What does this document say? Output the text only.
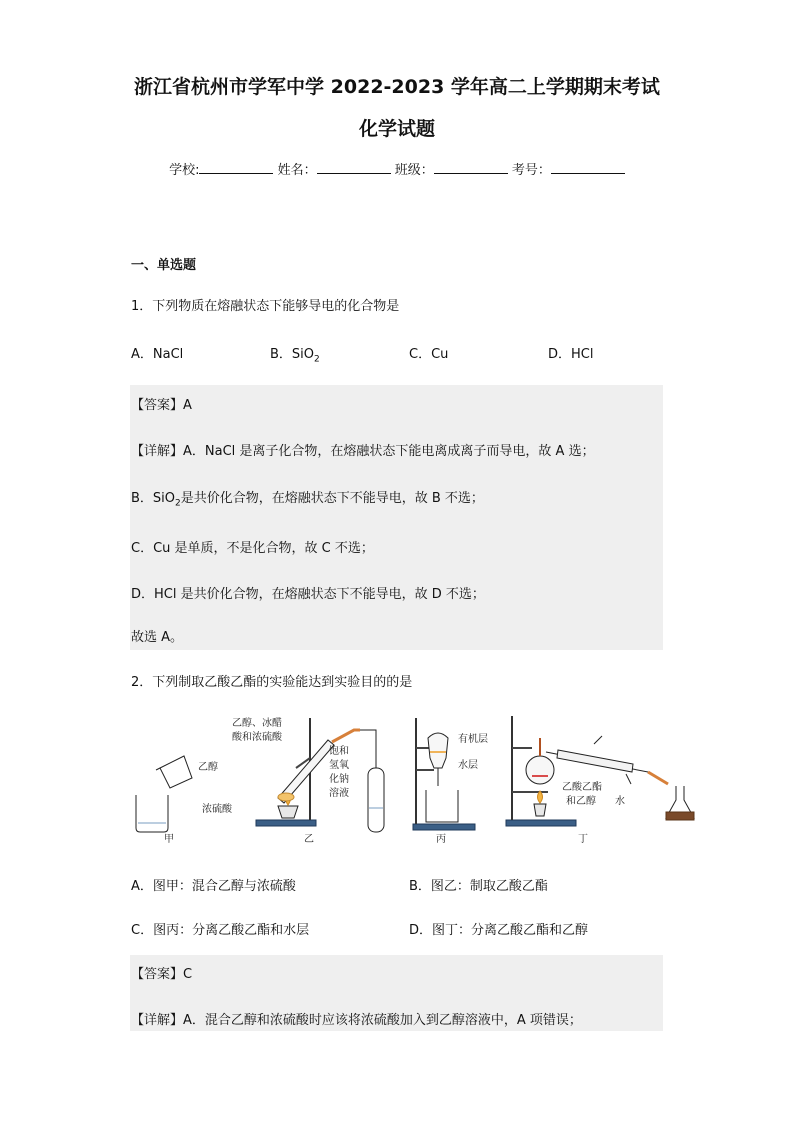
浙江省杭州市学军中学 2022-2023 学年高二上学期期末考试
化学试题
学校:	姓名：	班级：	考号：
一、单选题
1．下列物质在熔融状态下能够导电的化合物是
A．NaCl	B．SiO$_2$	C．Cu	D．HCl
【答案】A
【详解】A．NaCl 是离子化合物，在熔融状态下能电离成离子而导电，故 A 选；
B．SiO$_2$是共价化合物，在熔融状态下不能导电，故 B 不选；
C．Cu 是单质，不是化合物，故 C 不选；
D．HCl 是共价化合物，在熔融状态下不能导电，故 D 不选；
故选 A。
2．下列制取乙酸乙酯的实验能达到实验目的的是
乙醇
浓硫酸
甲
乙醇、冰醋
酸和浓硫酸
饱和
氢氧
化钠
溶液
乙
有机层
水层
丙
乙酸乙酯
和乙醇 水
丁
A．图甲：混合乙醇与浓硫酸	B．图乙：制取乙酸乙酯
C．图丙：分离乙酸乙酯和水层	D．图丁：分离乙酸乙酯和乙醇
【答案】C
【详解】A．混合乙醇和浓硫酸时应该将浓硫酸加入到乙醇溶液中，A 项错误；
